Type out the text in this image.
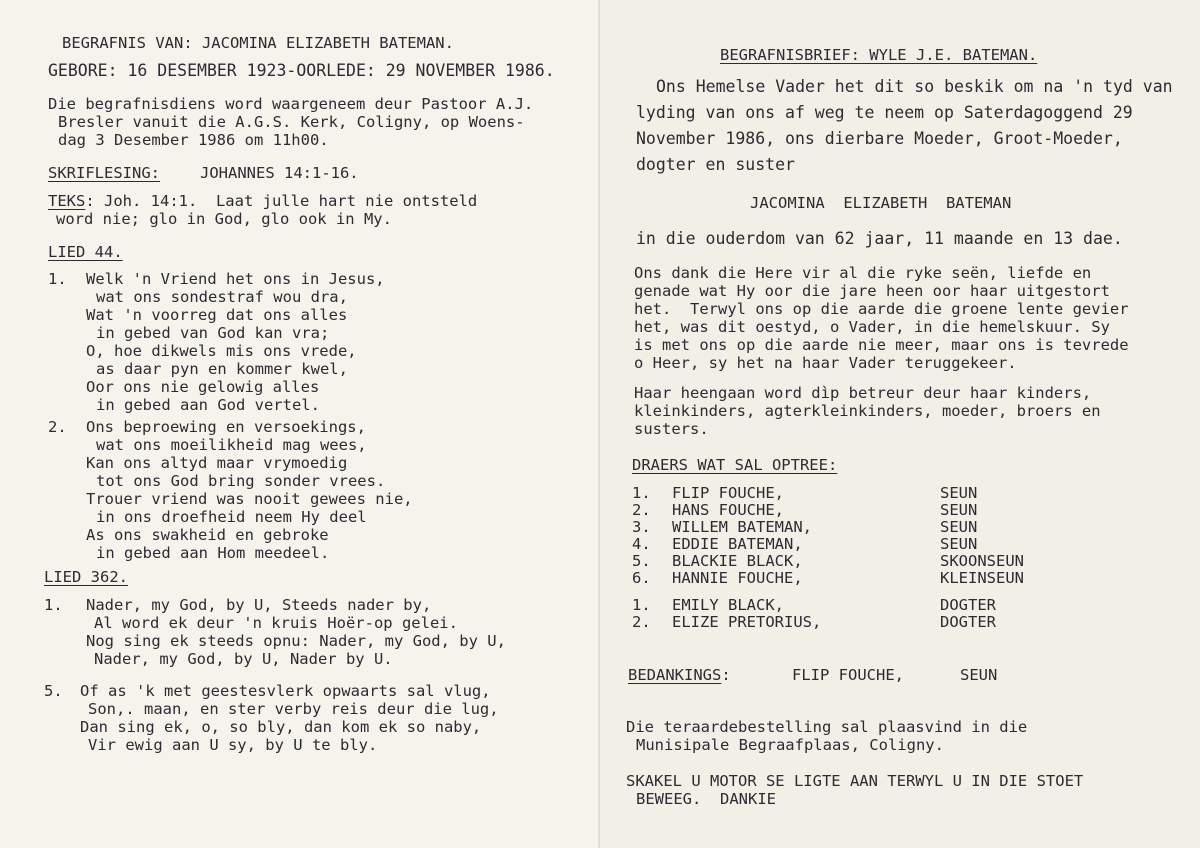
BEGRAFNIS VAN: JACOMINA ELIZABETH BATEMAN.
GEBORE: 16 DESEMBER 1923-OORLEDE: 29 NOVEMBER 1986.
Die begrafnisdiens word waargeneem deur Pastoor A.J.
Bresler vanuit die A.G.S. Kerk, Coligny, op Woens-
dag 3 Desember 1986 om 11h00.
SKRIFLESING:	JOHANNES 14:1-16.
TEKS: Joh. 14:1.  Laat julle hart nie ontsteld
word nie; glo in God, glo ook in My.
LIED 44.
1. Welk 'n Vriend het ons in Jesus,
wat ons sondestraf wou dra,
Wat 'n voorreg dat ons alles
in gebed van God kan vra;
O, hoe dikwels mis ons vrede,
as daar pyn en kommer kwel,
Oor ons nie gelowig alles
in gebed aan God vertel.
2. Ons beproewing en versoekings,
wat ons moeilikheid mag wees,
Kan ons altyd maar vrymoedig
tot ons God bring sonder vrees.
Trouer vriend was nooit gewees nie,
in ons droefheid neem Hy deel
As ons swakheid en gebroke
in gebed aan Hom meedeel.
LIED 362.
1. Nader, my God, by U, Steeds nader by,
Al word ek deur 'n kruis Hoër-op gelei.
Nog sing ek steeds opnu: Nader, my God, by U,
Nader, my God, by U, Nader by U.
5. Of as 'k met geestesvlerk opwaarts sal vlug,
Son,. maan, en ster verby reis deur die lug,
Dan sing ek, o, so bly, dan kom ek so naby,
Vir ewig aan U sy, by U te bly.
BEGRAFNISBRIEF: WYLE J.E. BATEMAN.
Ons Hemelse Vader het dit so beskik om na 'n tyd van
lyding van ons af weg te neem op Saterdagoggend 29
November 1986, ons dierbare Moeder, Groot-Moeder,
dogter en suster
JACOMINA  ELIZABETH  BATEMAN
in die ouderdom van 62 jaar, 11 maande en 13 dae.
Ons dank die Here vir al die ryke seën, liefde en
genade wat Hy oor die jare heen oor haar uitgestort
het.  Terwyl ons op die aarde die groene lente gevier
het, was dit oestyd, o Vader, in die hemelskuur. Sy
is met ons op die aarde nie meer, maar ons is tevrede
o Heer, sy het na haar Vader teruggekeer.
Haar heengaan word dìp betreur deur haar kinders,
kleinkinders, agterkleinkinders, moeder, broers en
susters.
DRAERS WAT SAL OPTREE:
1. FLIP FOUCHE,	SEUN
2. HANS FOUCHE,	SEUN
3. WILLEM BATEMAN,	SEUN
4. EDDIE BATEMAN,	SEUN
5. BLACKIE BLACK,	SKOONSEUN
6. HANNIE FOUCHE,	KLEINSEUN
1. EMILY BLACK,	DOGTER
2. ELIZE PRETORIUS,	DOGTER
BEDANKINGS:	FLIP FOUCHE,	SEUN
Die teraardebestelling sal plaasvind in die
Munisipale Begraafplaas, Coligny.
SKAKEL U MOTOR SE LIGTE AAN TERWYL U IN DIE STOET
BEWEEG.  DANKIE
